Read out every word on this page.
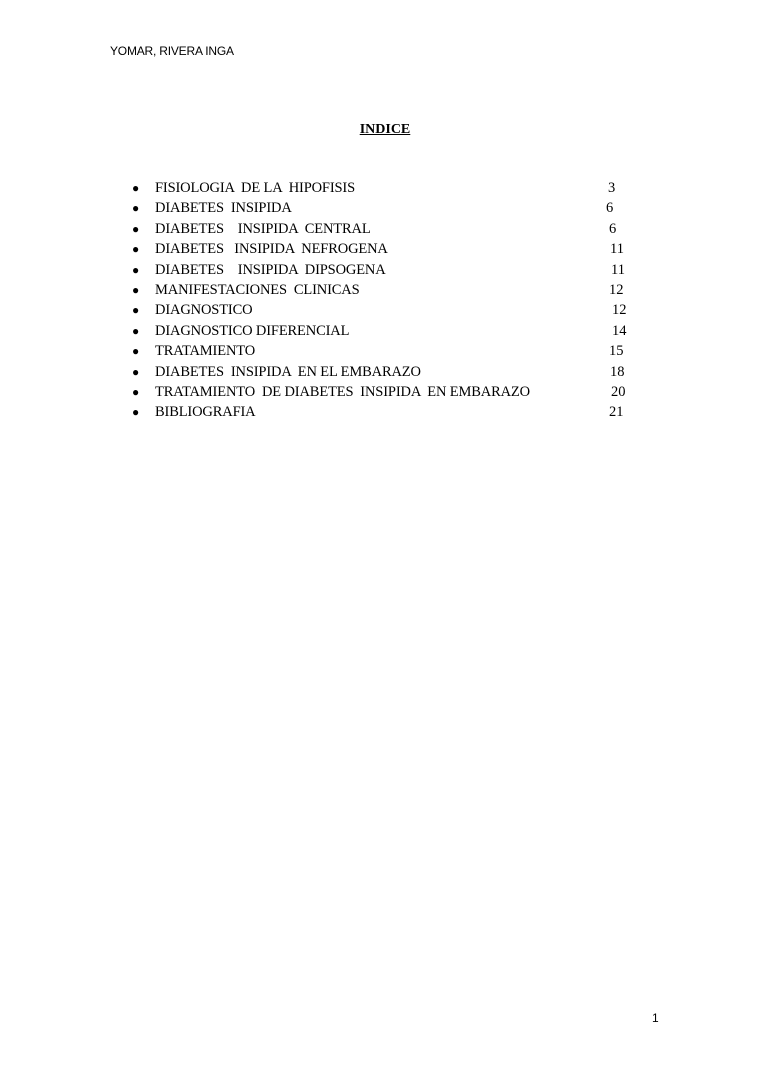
YOMAR, RIVERA INGA
INDICE
● FISIOLOGIA  DE LA  HIPOFISIS	3
● DIABETES  INSIPIDA	6
● DIABETES    INSIPIDA  CENTRAL	6
● DIABETES   INSIPIDA  NEFROGENA	11
● DIABETES    INSIPIDA  DIPSOGENA	11
● MANIFESTACIONES  CLINICAS	12
● DIAGNOSTICO	12
● DIAGNOSTICO DIFERENCIAL	14
● TRATAMIENTO	15
● DIABETES  INSIPIDA  EN EL EMBARAZO	18
● TRATAMIENTO  DE DIABETES  INSIPIDA  EN EMBARAZO	20
● BIBLIOGRAFIA	21
1
